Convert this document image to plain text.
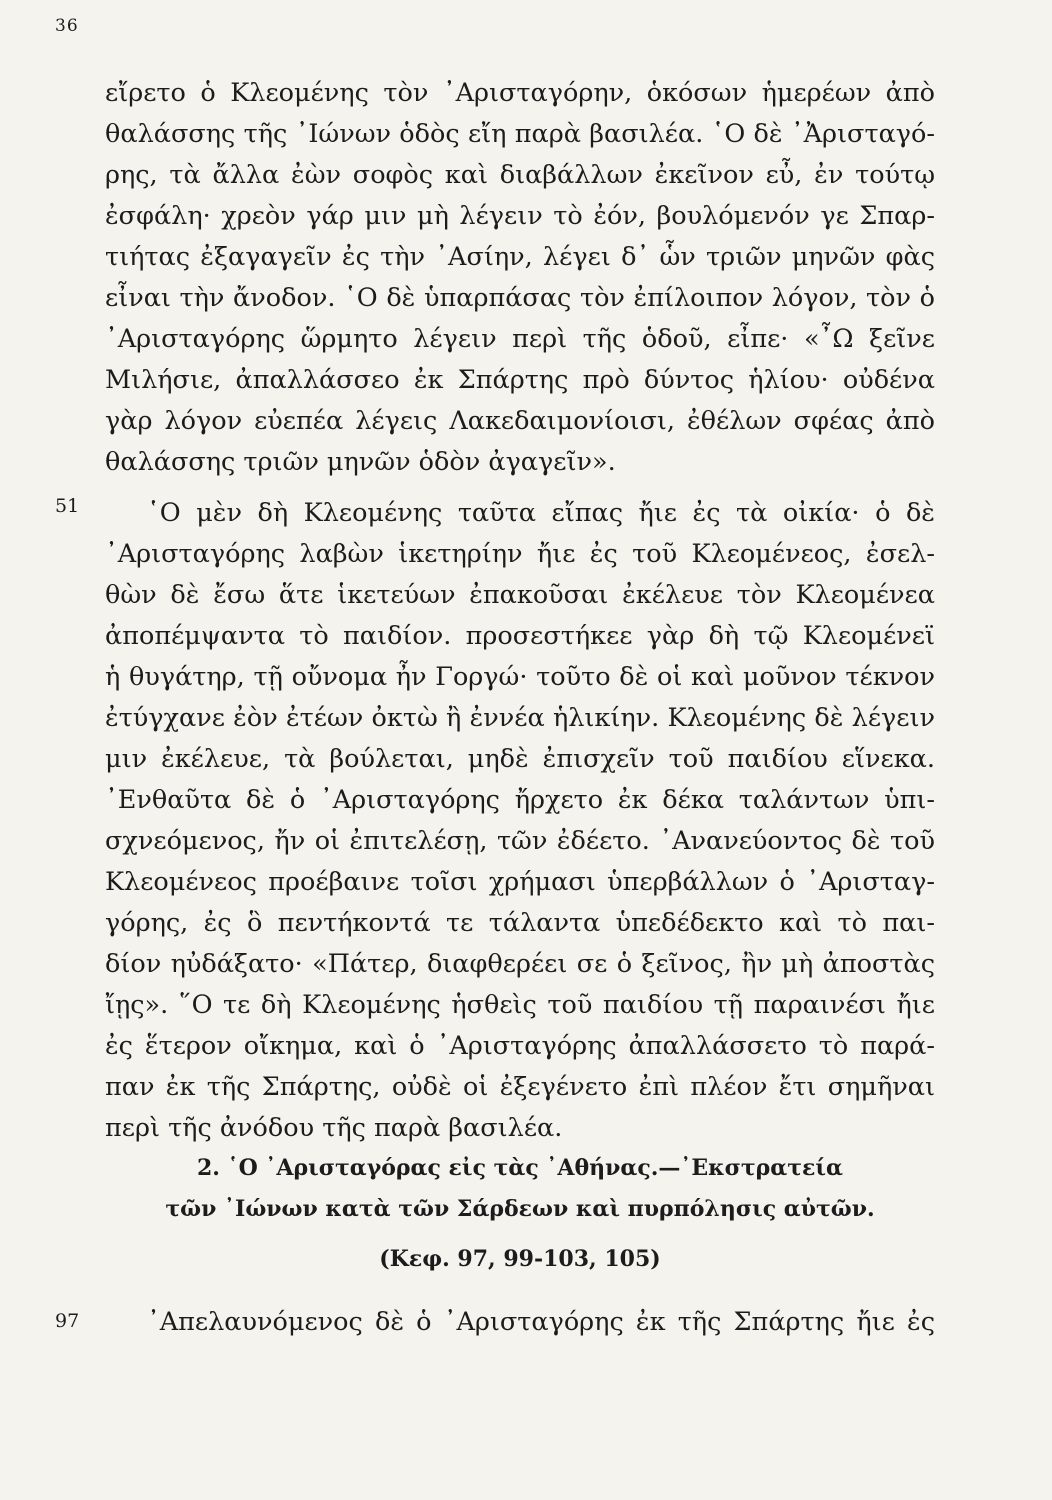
36
εἴρετο ὁ Κλεομένης τὸν ᾿Αρισταγόρην, ὁκόσων ἡμερέων ἀπὸ
θαλάσσης τῆς ᾿Ιώνων ὁδὸς εἴη παρὰ βασιλέα. ῾Ο δὲ ᾿Ἀρισταγό-
ρης, τὰ ἄλλα ἐὼν σοφὸς καὶ διαβάλλων ἐκεῖνον εὖ, ἐν τούτῳ
ἐσφάλη· χρεὸν γάρ μιν μὴ λέγειν τὸ ἐόν, βουλόμενόν γε Σπαρ-
τιήτας ἐξαγαγεῖν ἐς τὴν ᾿Ασίην, λέγει δ᾿ ὧν τριῶν μηνῶν φὰς
εἶναι τὴν ἄνοδον. ῾Ο δὲ ὑπαρπάσας τὸν ἐπίλοιπον λόγον, τὸν ὁ
᾿Αρισταγόρης ὥρμητο λέγειν περὶ τῆς ὁδοῦ, εἶπε· «῏Ω ξεῖνε
Μιλήσιε, ἀπαλλάσσεο ἐκ Σπάρτης πρὸ δύντος ἡλίου· οὐδένα
γὰρ λόγον εὐεπέα λέγεις Λακεδαιμονίοισι, ἐθέλων σφέας ἀπὸ
θαλάσσης τριῶν μηνῶν ὁδὸν ἀγαγεῖν».
51	῾Ο μὲν δὴ Κλεομένης ταῦτα εἴπας ἤιε ἐς τὰ οἰκία· ὁ δὲ
᾿Αρισταγόρης λαβὼν ἱκετηρίην ἤιε ἐς τοῦ Κλεομένεος, ἐσελ-
θὼν δὲ ἔσω ἅτε ἱκετεύων ἐπακοῦσαι ἐκέλευε τὸν Κλεομένεα
ἀποπέμψαντα τὸ παιδίον. προσεστήκεε γὰρ δὴ τῷ Κλεομένεϊ
ἡ θυγάτηρ, τῇ οὔνομα ἦν Γοργώ· τοῦτο δὲ οἱ καὶ μοῦνον τέκνον
ἐτύγχανε ἐὸν ἐτέων ὀκτὼ ἢ ἐννέα ἡλικίην. Κλεομένης δὲ λέγειν
μιν ἐκέλευε, τὰ βούλεται, μηδὲ ἐπισχεῖν τοῦ παιδίου εἵνεκα.
᾿Ενθαῦτα δὲ ὁ ᾿Αρισταγόρης ἤρχετο ἐκ δέκα ταλάντων ὑπι-
σχνεόμενος, ἤν οἱ ἐπιτελέσῃ, τῶν ἐδέετο. ᾿Ανανεύοντος δὲ τοῦ
Κλεομένεος προέβαινε τοῖσι χρήμασι ὑπερβάλλων ὁ ᾿Αρισταγ-
γόρης, ἐς ὃ πεντήκοντά τε τάλαντα ὑπεδέδεκτο καὶ τὸ παι-
δίον ηὐδάξατο· «Πάτερ, διαφθερέει σε ὁ ξεῖνος, ἢν μὴ ἀποστὰς
ἴῃς». ῞Ο τε δὴ Κλεομένης ἡσθεὶς τοῦ παιδίου τῇ παραινέσι ἤιε
ἐς ἕτερον οἴκημα, καὶ ὁ ᾿Αρισταγόρης ἀπαλλάσσετο τὸ παρά-
παν ἐκ τῆς Σπάρτης, οὐδὲ οἱ ἐξεγένετο ἐπὶ πλέον ἔτι σημῆναι
περὶ τῆς ἀνόδου τῆς παρὰ βασιλέα.
2. ῾Ο ᾿Αρισταγόρας εἰς τὰς ᾿Αθήνας.—᾿Εκστρατεία
τῶν ᾿Ιώνων κατὰ τῶν Σάρδεων καὶ πυρπόλησις αὐτῶν.
(Κεφ. 97, 99-103, 105)
97	᾿Απελαυνόμενος δὲ ὁ ᾿Αρισταγόρης ἐκ τῆς Σπάρτης ἤιε ἐς
